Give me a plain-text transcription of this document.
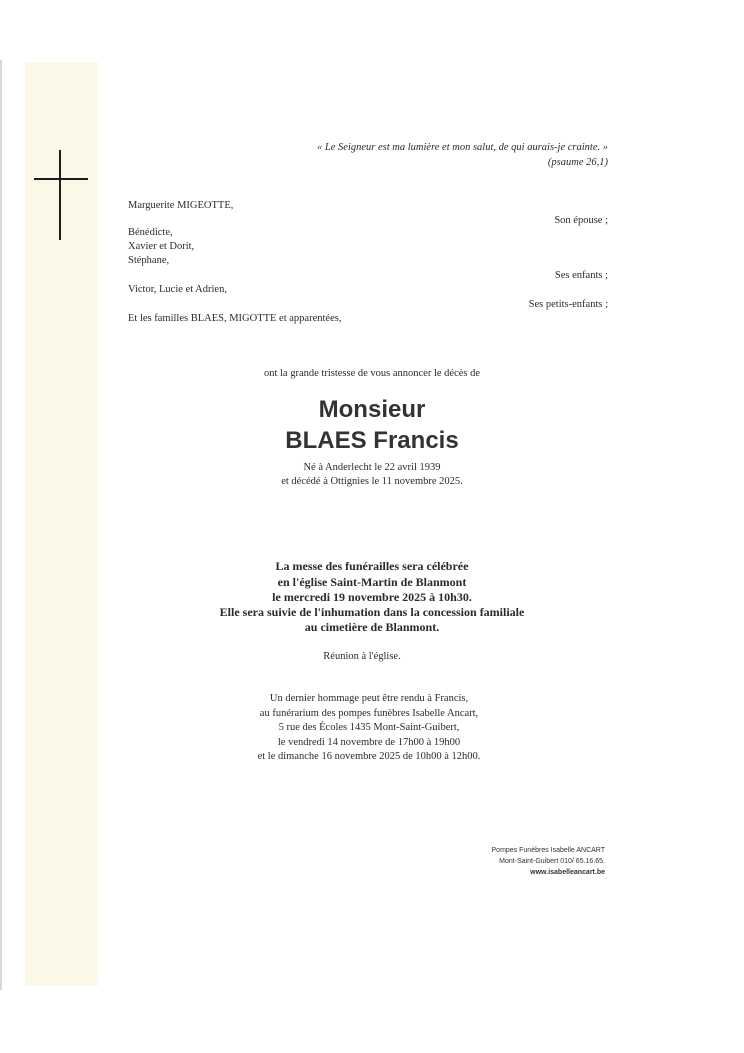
« Le Seigneur est ma lumière et mon salut, de qui aurais-je crainte. »
(psaume 26,1)
Marguerite MIGEOTTE,
Son épouse ;
Bénédicte,
Xavier et Dorit,
Stéphane,
Ses enfants ;
Victor, Lucie et Adrien,
Ses petits-enfants ;
Et les familles BLAES, MIGOTTE et apparentées,
ont la grande tristesse de vous annoncer le décès de
Monsieur
BLAES Francis
Né à Anderlecht le 22 avril 1939
et décédé à Ottignies le 11 novembre 2025.
La messe des funérailles sera célébrée
en l'église Saint-Martin de Blanmont
le mercredi 19 novembre 2025 à 10h30.
Elle sera suivie de l'inhumation dans la concession familiale
au cimetière de Blanmont.
Réunion à l'église.
Un dernier hommage peut être rendu à Francis,
au funérarium des pompes funèbres Isabelle Ancart,
5 rue des Écoles 1435 Mont-Saint-Guibert,
le vendredi 14 novembre de 17h00 à 19h00
et le dimanche 16 novembre 2025 de 10h00 à 12h00.
Pompes Funèbres Isabelle ANCART
Mont-Saint-Guibert 010/ 65.16.65.
www.isabelleancart.be
